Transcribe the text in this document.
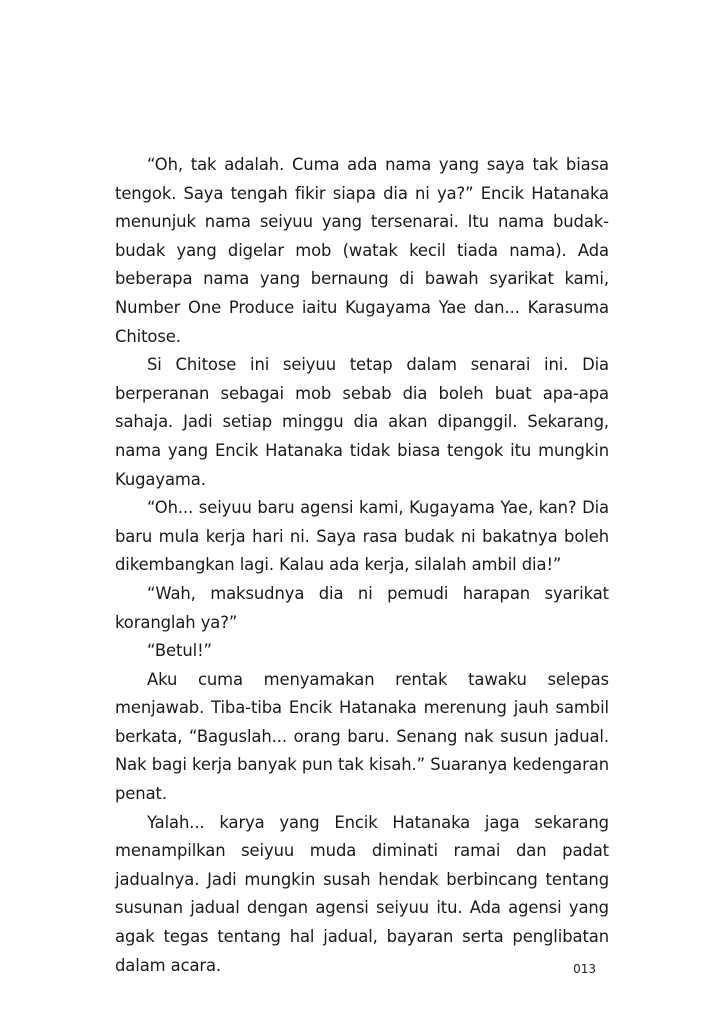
“Oh, tak adalah. Cuma ada nama yang saya tak biasa tengok. Saya tengah fikir siapa dia ni ya?” Encik Hatanaka menunjuk nama seiyuu yang tersenarai. Itu nama budak-budak yang digelar mob (watak kecil tiada nama). Ada beberapa nama yang bernaung di bawah syarikat kami, Number One Produce iaitu Kugayama Yae dan... Karasuma Chitose.

Si Chitose ini seiyuu tetap dalam senarai ini. Dia berperanan sebagai mob sebab dia boleh buat apa-apa sahaja. Jadi setiap minggu dia akan dipanggil. Sekarang, nama yang Encik Hatanaka tidak biasa tengok itu mungkin Kugayama.

“Oh... seiyuu baru agensi kami, Kugayama Yae, kan? Dia baru mula kerja hari ni. Saya rasa budak ni bakatnya boleh dikembangkan lagi. Kalau ada kerja, silalah ambil dia!”

“Wah, maksudnya dia ni pemudi harapan syarikat koranglah ya?”

“Betul!”

Aku cuma menyamakan rentak tawaku selepas menjawab. Tiba-tiba Encik Hatanaka merenung jauh sambil berkata, “Baguslah... orang baru. Senang nak susun jadual. Nak bagi kerja banyak pun tak kisah.” Suaranya kedengaran penat.

Yalah... karya yang Encik Hatanaka jaga sekarang menampilkan seiyuu muda diminati ramai dan padat jadualnya. Jadi mungkin susah hendak berbincang tentang susunan jadual dengan agensi seiyuu itu. Ada agensi yang agak tegas tentang hal jadual, bayaran serta penglibatan dalam acara.	013
